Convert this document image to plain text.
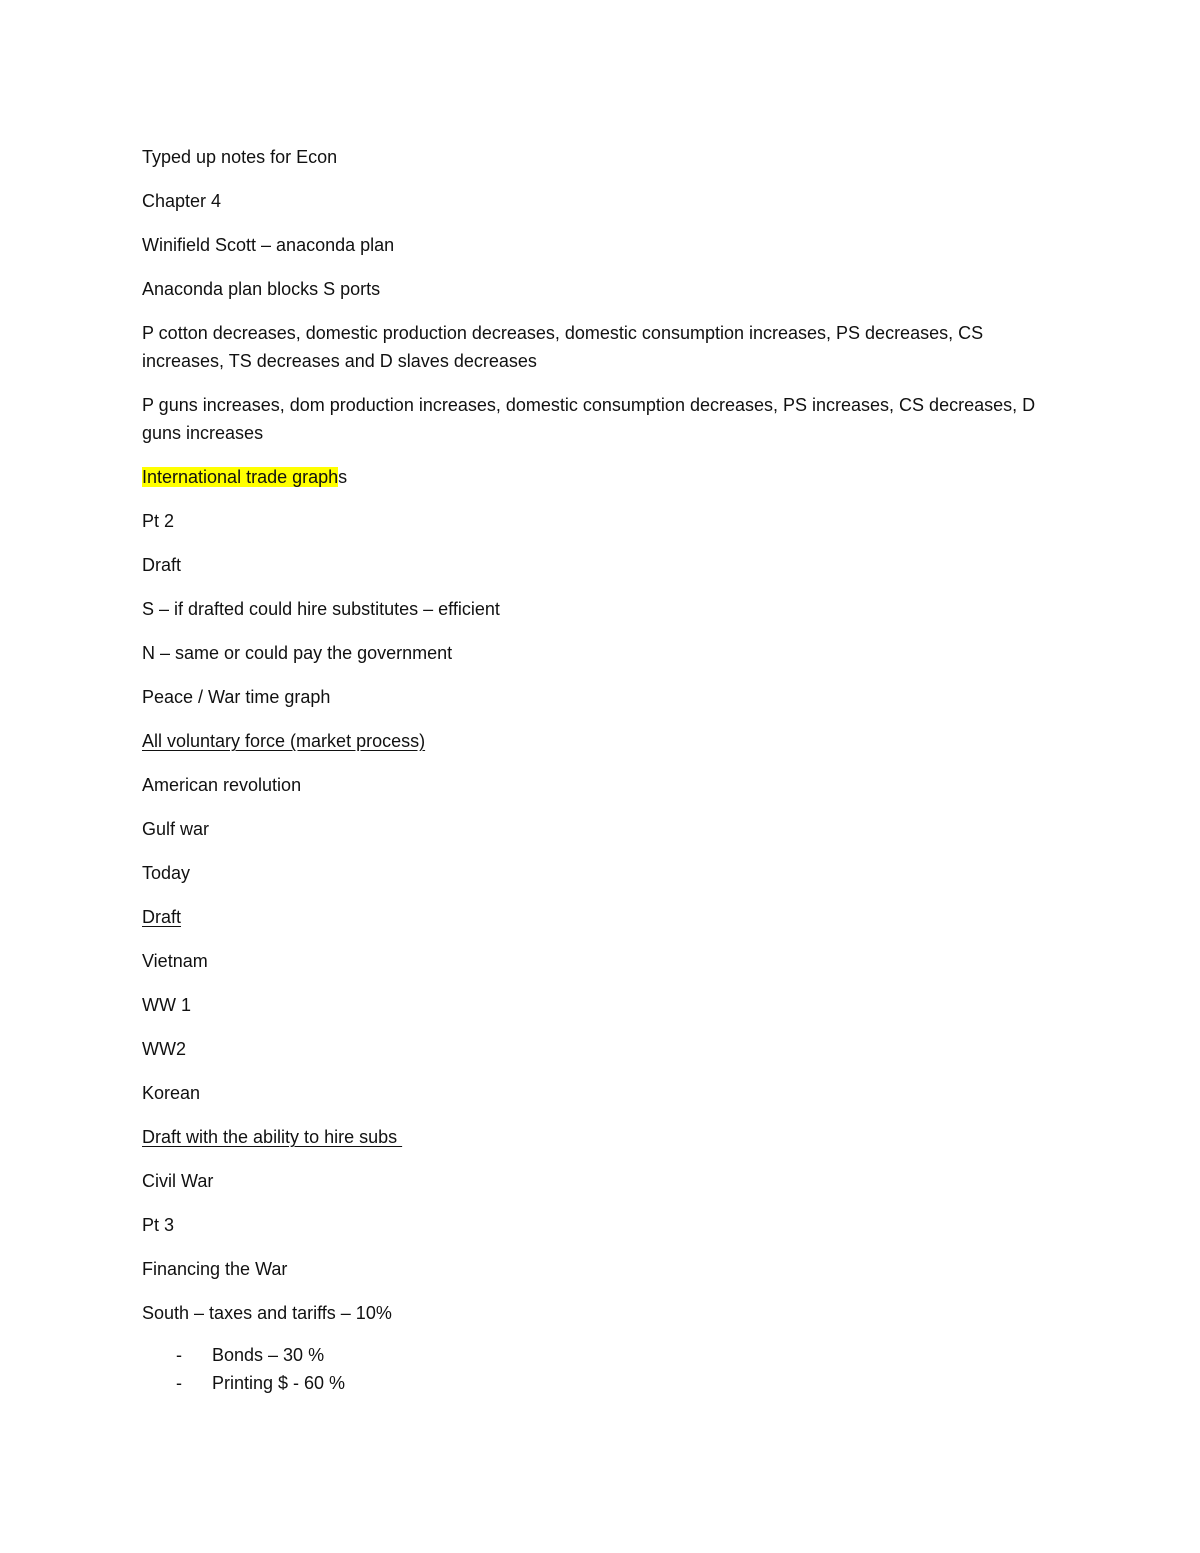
Typed up notes for Econ

Chapter 4

Winifield Scott – anaconda plan

Anaconda plan blocks S ports

P cotton decreases, domestic production decreases, domestic consumption increases, PS decreases, CS increases, TS decreases and D slaves decreases

P guns increases, dom production increases, domestic consumption decreases, PS increases, CS decreases, D guns increases

International trade graphs

Pt 2

Draft

S – if drafted could hire substitutes – efficient

N – same or could pay the government

Peace / War time graph

All voluntary force (market process)

American revolution

Gulf war

Today

Draft

Vietnam

WW 1

WW2

Korean

Draft with the ability to hire subs

Civil War

Pt 3

Financing the War

South – taxes and tariffs – 10%

- Bonds – 30 %
- Printing $ - 60 %
